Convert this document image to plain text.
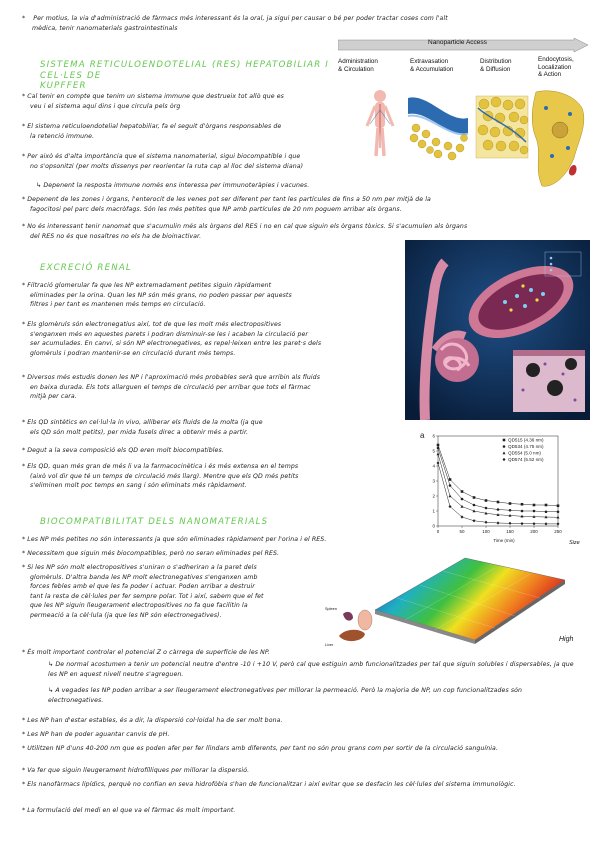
* Per motius, la via d'administració de fàrmacs més interessant és la oral, ja sigui per causar o bé per poder tractar coses com l'alt
mèdica, tenir nanomaterials gastrointestinals
Nanoparticle Access
Administration
& Circulation
Extravasation
& Accumulation
Distribution
& Diffusion
Endocytosis,
Localization
& Action
SISTEMA RETICULOENDOTELIAL (RES) HEPATOBILIAR I CEL·LES DE
KUPFFER
* Cal tenir en compte que tenim un sistema immune que destrueix tot allò que es
veu i el sistema aquí dins i que circula pels òrg
* El sistema reticuloendotelial hepatobiliar, fa el seguit d'òrgans responsables de
la retenció immune.
* Per això és d'alta importància que el sistema nanomaterial, sigui biocompatible i que
no s'opsonitzi (per molts dissenys per reorientar la ruta cap al lloc del sistema diana)
↳ Depenent la resposta immune només ens interessa per immunoteràpies i vacunes.
* Depenent de les zones i òrgans, l'enterocit de les venes pot ser diferent per tant les partícules de fins a 50 nm per mitjà de la
fagocitosi pel parc dels macròfags. Són les més petites que NP amb partícules de 20 nm poguem arribar als òrgans.
* No és interessant tenir nanomat que s'acumulin més als òrgans del RES i no en cal que siguin els òrgans tòxics. Si s'acumulen als òrgans
del RES no és que nosaltres no els ha de bioinactivar.
EXCRECIÓ RENAL
* Filtració glomerular fa que les NP extremadament petites siguin ràpidament
eliminades per la orina. Quan les NP són més grans, no poden passar per aquests
filtres i per tant es mantenen més temps en circulació.
* Els glomèruls són electronegatius així, tot de que les molt més electropositives
s'enganxen més en aquestes parets i podran disminuir-se les i acaben la circulació per
ser acumulades. En canvi, si són NP electronegatives, es repel·leixen entre les paret·s dels
glomèruls i podran mantenir-se en circulació durant més temps.
* Diversos més estudis donen les NP i l'aproximació més probables serà que arribin als fluids
en baixa durada. Els tots allarguen el temps de circulació per arribar que tots el fàrmac
mitjà per cara.
* Els QD sintètics en cel·lul·la in vivo, alliberar els fluids de la molta (ja que
els QD són molt petits), per mida fusels direc a obtenir més a partir.
* Degut a la seva composició els QD eren molt biocompatibles.
* Els QD, quan més gran de més li va la farmacocinètica i és més extensa en el temps
(això vol dir que té un temps de circulació més llarg). Mentre que els QD més petits
s'eliminen molt poc temps en sang i són eliminats més ràpidament.
a
Time (min)
0	50	100	150	200	250
0
1
2
3
4
5
6
QD515 (4.36 nm)
QD534 (4.75 nm)
QD554 (5.0 nm)
QD574 (5.52 nm)
BIOCOMPATIBILITAT DELS NANOMATERIALS
* Les NP més petites no són interessants ja que són eliminades ràpidament per l'orina i el RES.
* Necessitem que siguin més biocompatibles, però no seran eliminades pel RES.
* Si les NP són molt electropositives s'uniran o s'adheriran a la paret dels
glomèruls. D'altra banda les NP molt electronegatives s'enganxen amb
forces febles amb el que les fa poder i actuar. Poden arribar a destruir
tant la resta de cèl·lules per fer sempre polar. Tot i així, sabem que el fet
que les NP siguin lleugerament electropositives no fa que facilitin la
permeació a la cèl·lula (ja que les NP són electronegatives).
Size
High
Spleen
Liver
* És molt important controlar el potencial Z o càrrega de superfície de les NP.
↳ De normal acostumen a tenir un potencial neutre d'entre -10 i +10 V, però cal que estiguin amb funcionalitzades per tal que siguin solubles i dispersables, ja que les NP en aquest nivell neutre s'agreguen.
↳ A vegades les NP poden arribar a ser lleugerament electronegatives per millorar la permeació. Però la majoria de NP, un cop funcionalitzades són electronegatives.
* Les NP han d'estar estables, és a dir, la dispersió col·loidal ha de ser molt bona.
* Les NP han de poder aguantar canvis de pH.
* Utilitzen NP d'uns 40-200 nm que es poden afer per fer llindars amb diferents, per tant no són prou grans com per sortir de la circulació sanguínia.
* Va fer que siguin lleugerament hidrofílliques per millorar la dispersió.
* Els nanofàrmacs lipídics, perquè no confian en seva hidrofòbia s'han de funcionalitzar i així evitar que se desfacin les cèl·lules del sistema immunològic.
* La formulació del medi en el que va el fàrmac és molt important.
